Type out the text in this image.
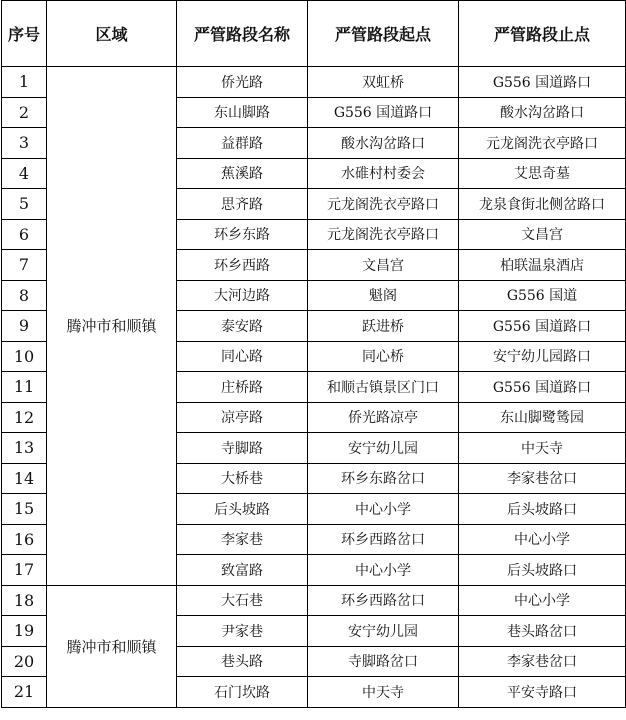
序号	区域	严管路段名称	严管路段起点	严管路段止点
1	腾冲市和顺镇	侨光路	双虹桥	G556 国道路口
2		东山脚路	G556 国道路口	酸水沟岔路口
3		益群路	酸水沟岔路口	元龙阁洗衣亭路口
4		蕉溪路	水碓村村委会	艾思奇墓
5		思齐路	元龙阁洗衣亭路口	龙泉食街北侧岔路口
6		环乡东路	元龙阁洗衣亭路口	文昌宫
7		环乡西路	文昌宫	柏联温泉酒店
8		大河边路	魁阁	G556 国道
9		泰安路	跃进桥	G556 国道路口
10		同心路	同心桥	安宁幼儿园路口
11		庄桥路	和顺古镇景区门口	G556 国道路口
12		凉亭路	侨光路凉亭	东山脚鹭鸶园
13		寺脚路	安宁幼儿园	中天寺
14		大桥巷	环乡东路岔口	李家巷岔口
15		后头坡路	中心小学	后头坡路口
16		李家巷	环乡西路岔口	中心小学
17		致富路	中心小学	后头坡路口
18	腾冲市和顺镇	大石巷	环乡西路岔口	中心小学
19		尹家巷	安宁幼儿园	巷头路岔口
20		巷头路	寺脚路岔口	李家巷岔口
21		石门坎路	中天寺	平安寺路口
